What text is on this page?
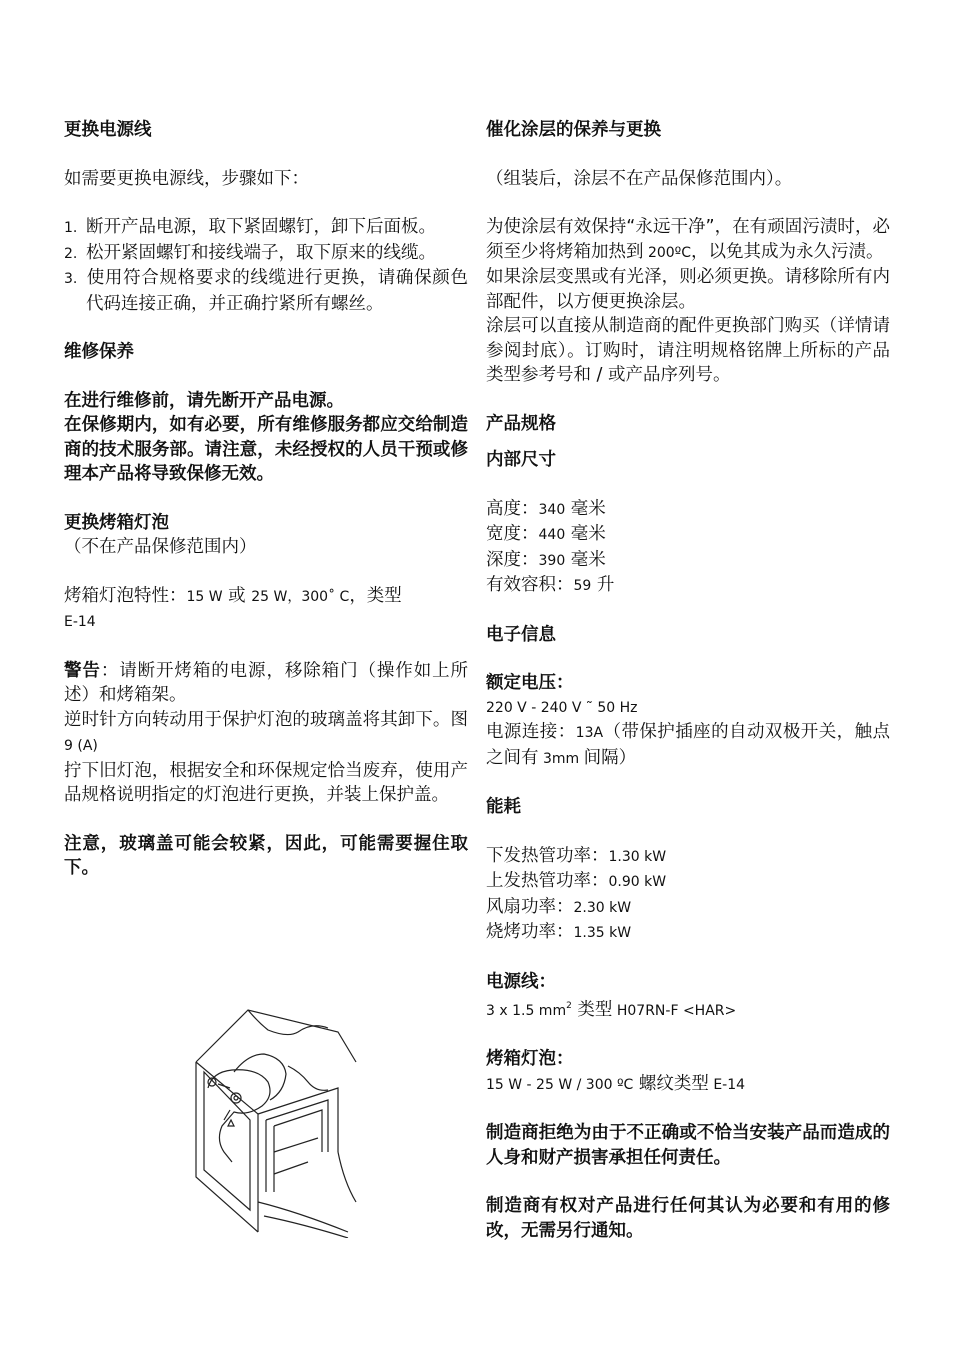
更换电源线

如需要更换电源线，步骤如下：

1. 断开产品电源，取下紧固螺钉，卸下后面板。
2. 松开紧固螺钉和接线端子，取下原来的线缆。
3. 使用符合规格要求的线缆进行更换，请确保颜色代码连接正确，并正确拧紧所有螺丝。

维修保养

在进行维修前，请先断开产品电源。

在保修期内，如有必要，所有维修服务都应交给制造商的技术服务部。请注意，未经授权的人员干预或修理本产品将导致保修无效。

更换烤箱灯泡

（不在产品保修范围内）

烤箱灯泡特性：15 W 或 25 W，300˚ C，类型
E-14

警告：请断开烤箱的电源，移除箱门（操作如上所述）和烤箱架。

逆时针方向转动用于保护灯泡的玻璃盖将其卸下。图 9 (A)

拧下旧灯泡，根据安全和环保规定恰当废弃，使用产品规格说明指定的灯泡进行更换，并装上保护盖。

注意，玻璃盖可能会较紧，因此，可能需要握住取下。

催化涂层的保养与更换

（组装后，涂层不在产品保修范围内）。

为使涂层有效保持“永远干净”，在有顽固污渍时，必须至少将烤箱加热到 200ºC，以免其成为永久污渍。

如果涂层变黑或有光泽，则必须更换。请移除所有内部配件，以方便更换涂层。

涂层可以直接从制造商的配件更换部门购买（详情请参阅封底）。订购时，请注明规格铭牌上所标的产品类型参考号和 / 或产品序列号。

产品规格

内部尺寸

高度：340 毫米

宽度：440 毫米

深度：390 毫米

有效容积：59 升

电子信息

额定电压：

220 V - 240 V ˜ 50 Hz

电源连接：13A（带保护插座的自动双极开关，触点之间有 3mm 间隔）

能耗

下发热管功率：1.30 kW

上发热管功率：0.90 kW

风扇功率：2.30 kW

烧烤功率：1.35 kW

电源线：

3 x 1.5 $mm^2$ 类型 H07RN-F <HAR>

烤箱灯泡：

15 W - 25 W / 300 ºC 螺纹类型 E-14

制造商拒绝为由于不正确或不恰当安装产品而造成的人身和财产损害承担任何责任。

制造商有权对产品进行任何其认为必要和有用的修改，无需另行通知。
